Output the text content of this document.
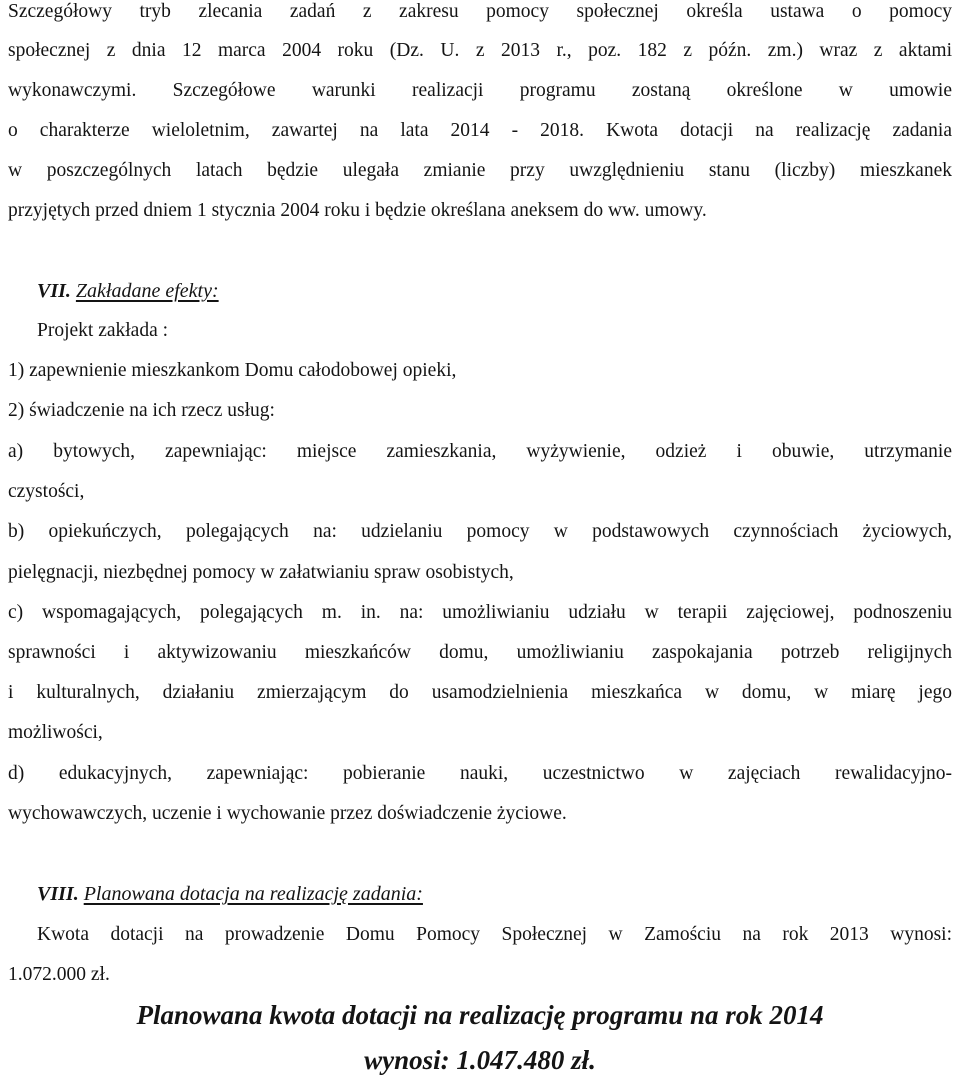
Szczegółowy tryb zlecania zadań z zakresu pomocy społecznej określa ustawa o pomocy
społecznej z dnia 12 marca 2004 roku (Dz. U. z 2013 r., poz. 182 z późn. zm.) wraz z aktami
wykonawczymi. Szczegółowe warunki realizacji programu zostaną określone w umowie
o charakterze wieloletnim, zawartej na lata 2014 - 2018. Kwota dotacji na realizację zadania
w poszczególnych latach będzie ulegała zmianie przy uwzględnieniu stanu (liczby) mieszkanek
przyjętych przed dniem 1 stycznia 2004 roku i będzie określana aneksem do ww. umowy.
VII. Zakładane efekty:
Projekt zakłada :
1) zapewnienie mieszkankom Domu całodobowej opieki,
2) świadczenie na ich rzecz usług:
a) bytowych, zapewniając: miejsce zamieszkania, wyżywienie, odzież i obuwie, utrzymanie
czystości,
b) opiekuńczych, polegających na: udzielaniu pomocy w podstawowych czynnościach życiowych,
pielęgnacji, niezbędnej pomocy w załatwianiu spraw osobistych,
c) wspomagających, polegających m. in. na: umożliwianiu udziału w terapii zajęciowej, podnoszeniu
sprawności i aktywizowaniu mieszkańców domu, umożliwianiu zaspokajania potrzeb religijnych
i kulturalnych, działaniu zmierzającym do usamodzielnienia mieszkańca w domu, w miarę jego
możliwości,
d) edukacyjnych, zapewniając: pobieranie nauki, uczestnictwo w zajęciach rewalidacyjno-
wychowawczych, uczenie i wychowanie przez doświadczenie życiowe.
VIII. Planowana dotacja na realizację zadania:
Kwota dotacji na prowadzenie Domu Pomocy Społecznej w Zamościu na rok 2013 wynosi:
1.072.000 zł.
Planowana kwota dotacji na realizację programu na rok 2014
wynosi: 1.047.480 zł.
